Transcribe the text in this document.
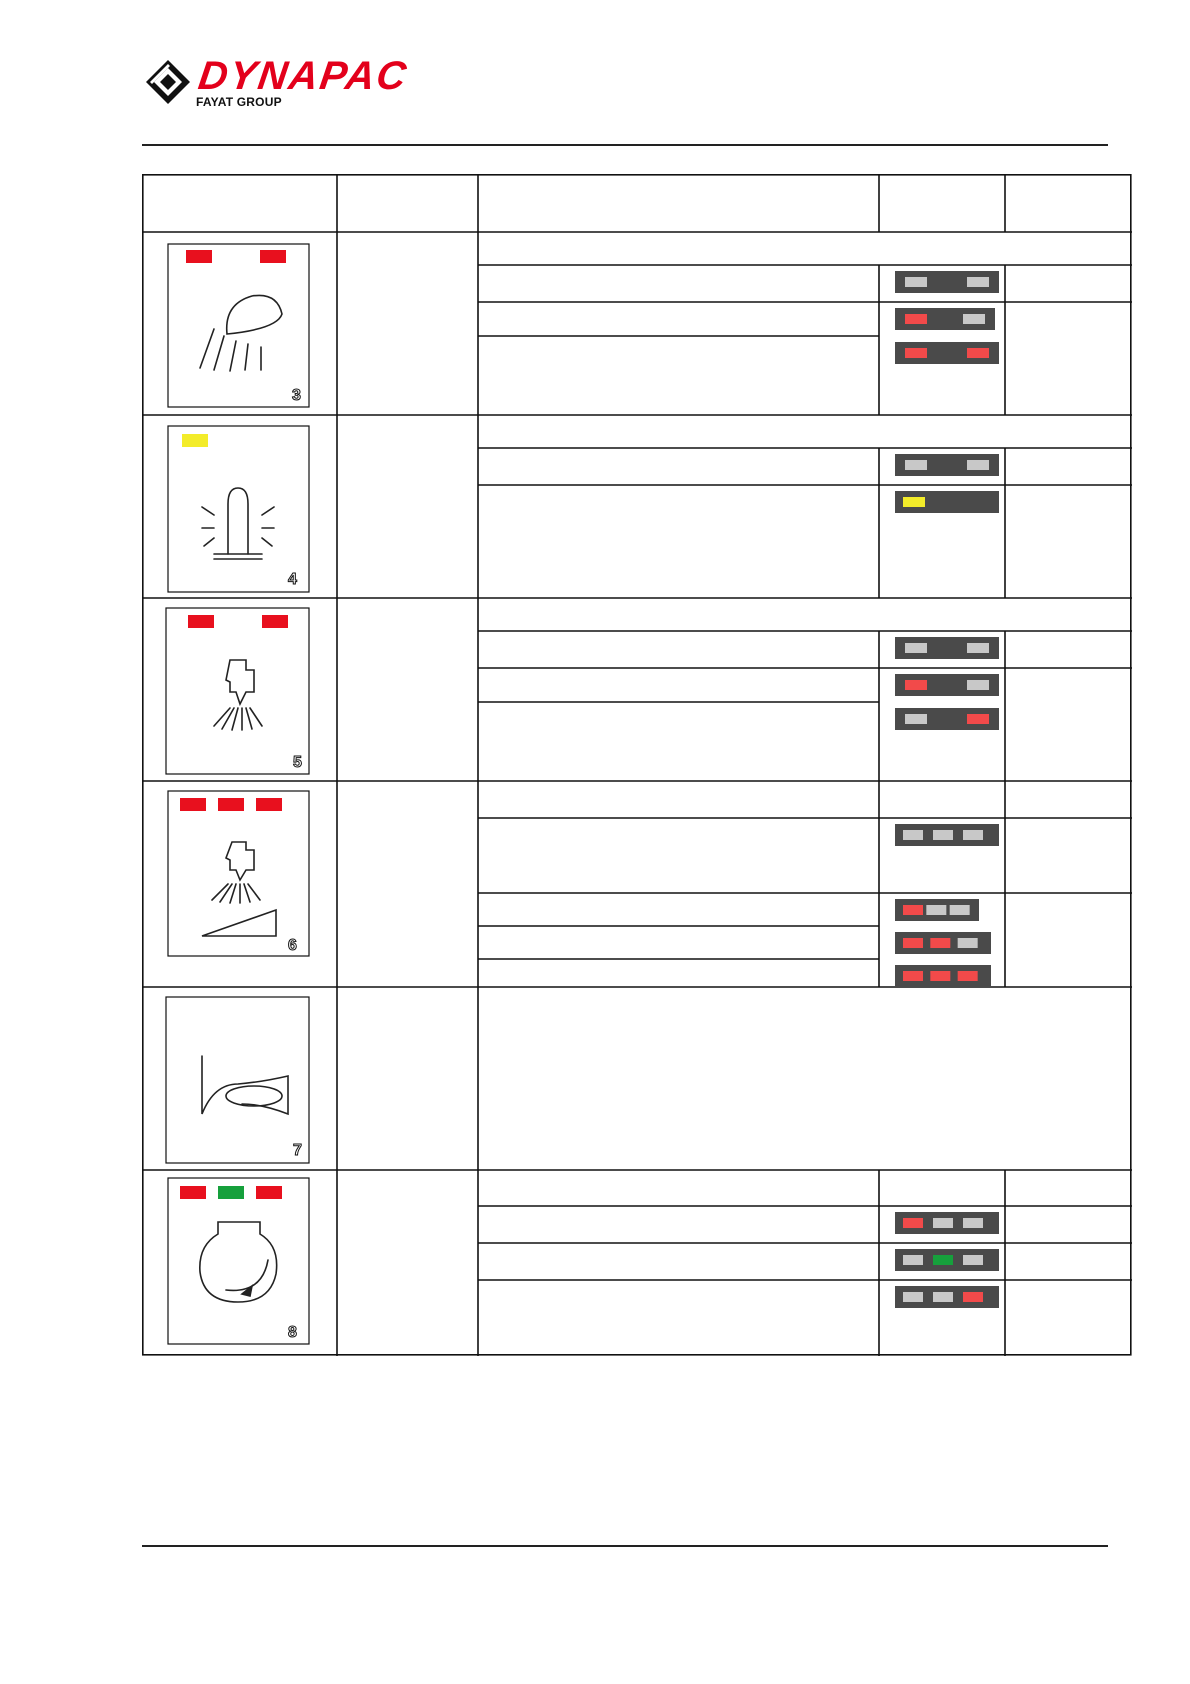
DYNAPAC
FAYAT GROUP
3
4
5
6
7
8
